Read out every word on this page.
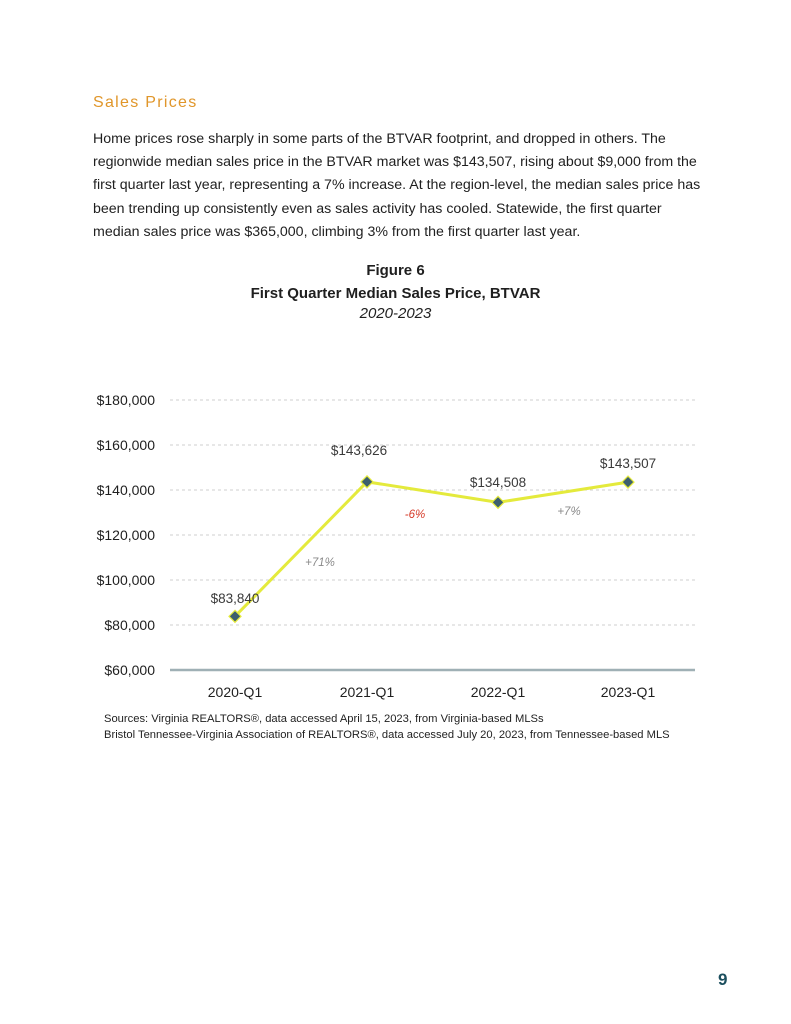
Sales Prices

Home prices rose sharply in some parts of the BTVAR footprint, and dropped in others. The regionwide median sales price in the BTVAR market was $143,507, rising about $9,000 from the first quarter last year, representing a 7% increase. At the region-level, the median sales price has been trending up consistently even as sales activity has cooled. Statewide, the first quarter median sales price was $365,000, climbing 3% from the first quarter last year.

Figure 6
First Quarter Median Sales Price, BTVAR
2020-2023
$60,000
$80,000
$100,000
$120,000
$140,000
$160,000
$180,000
2020-Q1	2021-Q1	2022-Q1	2023-Q1
$83,840
$143,626
$134,508
$143,507
+71%
-6%	+7%
Sources: Virginia REALTORS®, data accessed April 15, 2023, from Virginia-based MLSs
Bristol Tennessee-Virginia Association of REALTORS®, data accessed July 20, 2023, from Tennessee-based MLS
9
